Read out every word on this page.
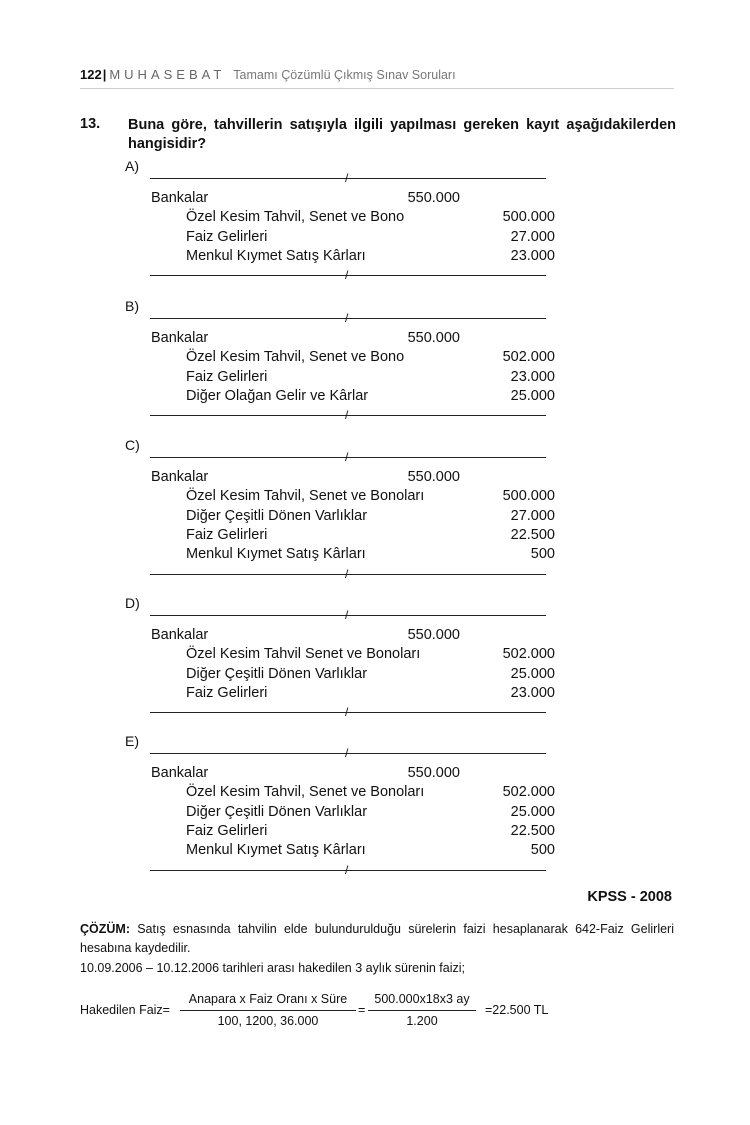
122| MUHASEBAT Tamamı Çözümlü Çıkmış Sınav Soruları
13. Buna göre, tahvillerin satışıyla ilgili yapılması gereken kayıt aşağıdakilerden hangisidir?
A)
/
Bankalar	550.000
Özel Kesim Tahvil, Senet ve Bono	500.000
Faiz Gelirleri	27.000
Menkul Kıymet Satış Kârları	23.000
/
B)
/
Bankalar	550.000
Özel Kesim Tahvil, Senet ve Bono	502.000
Faiz Gelirleri	23.000
Diğer Olağan Gelir ve Kârlar	25.000
/
C)
/
Bankalar	550.000
Özel Kesim Tahvil, Senet ve Bonoları	500.000
Diğer Çeşitli Dönen Varlıklar	27.000
Faiz Gelirleri	22.500
Menkul Kıymet Satış Kârları	500
/
D)
/
Bankalar	550.000
Özel Kesim Tahvil Senet ve Bonoları	502.000
Diğer Çeşitli Dönen Varlıklar	25.000
Faiz Gelirleri	23.000
/
E)
/
Bankalar	550.000
Özel Kesim Tahvil, Senet ve Bonoları	502.000
Diğer Çeşitli Dönen Varlıklar	25.000
Faiz Gelirleri	22.500
Menkul Kıymet Satış Kârları	500
/
KPSS - 2008
ÇÖZÜM: Satış esnasında tahvilin elde bulundurulduğu sürelerin faizi hesaplanarak 642-Faiz Gelirleri hesabına kaydedilir.
10.09.2006 – 10.12.2006 tarihleri arası hakedilen 3 aylık sürenin faizi;
Hakedilen Faiz=
Anapara x Faiz Oranı x Süre
100, 1200, 36.000
=
500.000x18x3 ay
1.200
=22.500 TL
